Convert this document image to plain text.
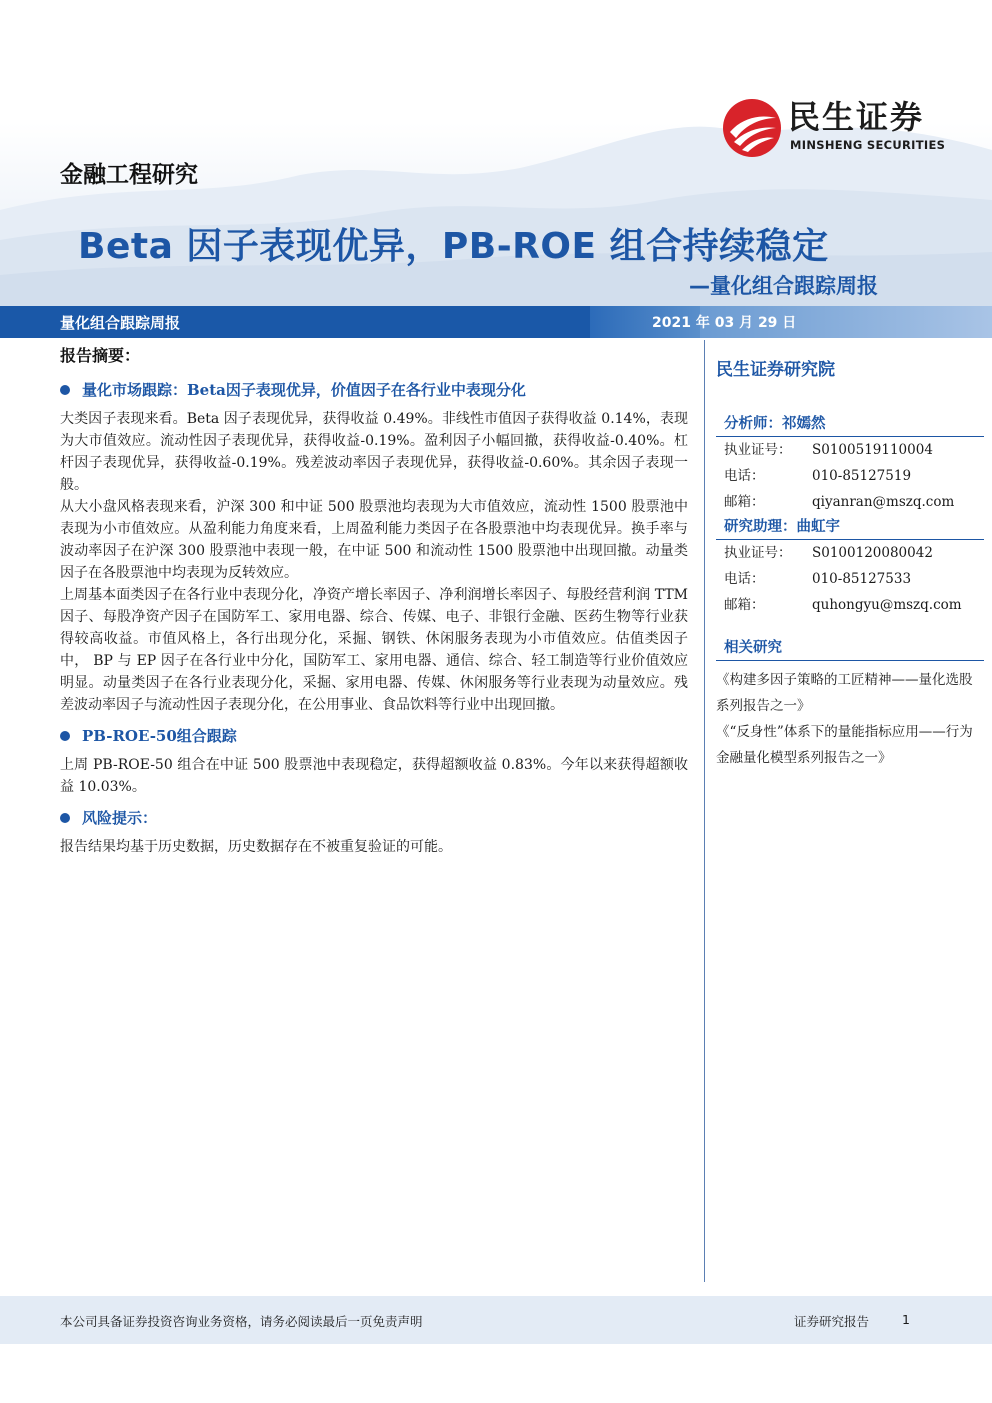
民生证券
MINSHENG SECURITIES
金融工程研究
Beta 因子表现优异，PB-ROE 组合持续稳定
—量化组合跟踪周报
量化组合跟踪周报	2021 年 03 月 29 日
报告摘要：
量化市场跟踪：Beta因子表现优异，价值因子在各行业中表现分化

大类因子表现来看。Beta 因子表现优异，获得收益 0.49%。非线性市值因子获得收益 0.14%，表现为大市值效应。流动性因子表现优异，获得收益-0.19%。盈利因子小幅回撤，获得收益-0.40%。杠杆因子表现优异，获得收益-0.19%。残差波动率因子表现优异，获得收益-0.60%。其余因子表现一般。

从大小盘风格表现来看，沪深 300 和中证 500 股票池均表现为大市值效应，流动性 1500 股票池中表现为小市值效应。从盈利能力角度来看，上周盈利能力类因子在各股票池中均表现优异。换手率与波动率因子在沪深 300 股票池中表现一般，在中证 500 和流动性 1500 股票池中出现回撤。动量类因子在各股票池中均表现为反转效应。

上周基本面类因子在各行业中表现分化，净资产增长率因子、净利润增长率因子、每股经营利润 TTM 因子、每股净资产因子在国防军工、家用电器、综合、传媒、电子、非银行金融、医药生物等行业获得较高收益。市值风格上，各行出现分化，采掘、钢铁、休闲服务表现为小市值效应。估值类因子中， BP 与 EP 因子在各行业中分化，国防军工、家用电器、通信、综合、轻工制造等行业价值效应明显。动量类因子在各行业表现分化，采掘、家用电器、传媒、休闲服务等行业表现为动量效应。残差波动率因子与流动性因子表现分化，在公用事业、食品饮料等行业中出现回撤。

PB-ROE-50组合跟踪

上周 PB-ROE-50 组合在中证 500 股票池中表现稳定，获得超额收益 0.83%。今年以来获得超额收益 10.03%。

风险提示：

报告结果均基于历史数据，历史数据存在不被重复验证的可能。

民生证券研究院
分析师：祁嫣然
执业证号：	S0100519110004
电话：	010-85127519
邮箱：	qiyanran@mszq.com
研究助理：曲虹宇
执业证号：	S0100120080042
电话：	010-85127533
邮箱：	quhongyu@mszq.com
相关研究
《构建多因子策略的工匠精神——量化选股系列报告之一》
《“反身性”体系下的量能指标应用——行为金融量化模型系列报告之一》
本公司具备证券投资咨询业务资格，请务必阅读最后一页免责声明	证券研究报告	1
